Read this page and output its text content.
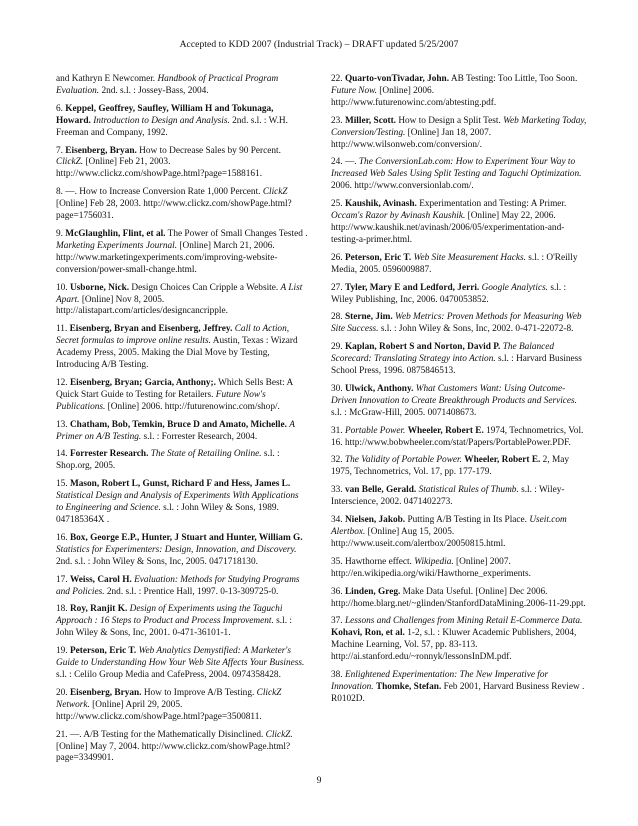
Accepted to KDD 2007 (Industrial Track) – DRAFT updated 5/25/2007

and Kathryn E Newcomer. Handbook of Practical Program Evaluation. 2nd. s.l. : Jossey-Bass, 2004.

6. Keppel, Geoffrey, Saufley, William H and Tokunaga, Howard. Introduction to Design and Analysis. 2nd. s.l. : W.H. Freeman and Company, 1992.

7. Eisenberg, Bryan. How to Decrease Sales by 90 Percent. ClickZ. [Online] Feb 21, 2003. http://www.clickz.com/showPage.html?page=1588161.

8. —. How to Increase Conversion Rate 1,000 Percent. ClickZ [Online] Feb 28, 2003. http://www.clickz.com/showPage.html?page=1756031.

9. McGlaughlin, Flint, et al. The Power of Small Changes Tested . Marketing Experiments Journal. [Online] March 21, 2006. http://www.marketingexperiments.com/improving-website-conversion/power-small-change.html.

10. Usborne, Nick. Design Choices Can Cripple a Website. A List Apart. [Online] Nov 8, 2005. http://alistapart.com/articles/designcancripple.

11. Eisenberg, Bryan and Eisenberg, Jeffrey. Call to Action, Secret formulas to improve online results. Austin, Texas : Wizard Academy Press, 2005. Making the Dial Move by Testing, Introducing A/B Testing.

12. Eisenberg, Bryan; Garcia, Anthony;. Which Sells Best: A Quick Start Guide to Testing for Retailers. Future Now's Publications. [Online] 2006. http://futurenowinc.com/shop/.

13. Chatham, Bob, Temkin, Bruce D and Amato, Michelle. A Primer on A/B Testing. s.l. : Forrester Research, 2004.

14. Forrester Research. The State of Retailing Online. s.l. : Shop.org, 2005.

15. Mason, Robert L, Gunst, Richard F and Hess, James L. Statistical Design and Analysis of Experiments With Applications to Engineering and Science. s.l. : John Wiley & Sons, 1989. 047185364X .

16. Box, George E.P., Hunter, J Stuart and Hunter, William G. Statistics for Experimenters: Design, Innovation, and Discovery. 2nd. s.l. : John Wiley & Sons, Inc, 2005. 0471718130.

17. Weiss, Carol H. Evaluation: Methods for Studying Programs and Policies. 2nd. s.l. : Prentice Hall, 1997. 0-13-309725-0.

18. Roy, Ranjit K. Design of Experiments using the Taguchi Approach : 16 Steps to Product and Process Improvement. s.l. : John Wiley & Sons, Inc, 2001. 0-471-36101-1.

19. Peterson, Eric T. Web Analytics Demystified: A Marketer's Guide to Understanding How Your Web Site Affects Your Business. s.l. : Celilo Group Media and CafePress, 2004. 0974358428.

20. Eisenberg, Bryan. How to Improve A/B Testing. ClickZ Network. [Online] April 29, 2005. http://www.clickz.com/showPage.html?page=3500811.

21. —. A/B Testing for the Mathematically Disinclined. ClickZ. [Online] May 7, 2004. http://www.clickz.com/showPage.html?page=3349901.

22. Quarto-vonTivadar, John. AB Testing: Too Little, Too Soon. Future Now. [Online] 2006. http://www.futurenowinc.com/abtesting.pdf.

23. Miller, Scott. How to Design a Split Test. Web Marketing Today, Conversion/Testing. [Online] Jan 18, 2007. http://www.wilsonweb.com/conversion/.

24. —. The ConversionLab.com: How to Experiment Your Way to Increased Web Sales Using Split Testing and Taguchi Optimization. 2006. http://www.conversionlab.com/.

25. Kaushik, Avinash. Experimentation and Testing: A Primer. Occam's Razor by Avinash Kaushik. [Online] May 22, 2006. http://www.kaushik.net/avinash/2006/05/experimentation-and-testing-a-primer.html.

26. Peterson, Eric T. Web Site Measurement Hacks. s.l. : O'Reilly Media, 2005. 0596009887.

27. Tyler, Mary E and Ledford, Jerri. Google Analytics. s.l. : Wiley Publishing, Inc, 2006. 0470053852.

28. Sterne, Jim. Web Metrics: Proven Methods for Measuring Web Site Success. s.l. : John Wiley & Sons, Inc, 2002. 0-471-22072-8.

29. Kaplan, Robert S and Norton, David P. The Balanced Scorecard: Translating Strategy into Action. s.l. : Harvard Business School Press, 1996. 0875846513.

30. Ulwick, Anthony. What Customers Want: Using Outcome-Driven Innovation to Create Breakthrough Products and Services. s.l. : McGraw-Hill, 2005. 0071408673.

31. Portable Power. Wheeler, Robert E. 1974, Technometrics, Vol. 16. http://www.bobwheeler.com/stat/Papers/PortablePower.PDF.

32. The Validity of Portable Power. Wheeler, Robert E. 2, May 1975, Technometrics, Vol. 17, pp. 177-179.

33. van Belle, Gerald. Statistical Rules of Thumb. s.l. : Wiley-Interscience, 2002. 0471402273.

34. Nielsen, Jakob. Putting A/B Testing in Its Place. Useit.com Alertbox. [Online] Aug 15, 2005. http://www.useit.com/alertbox/20050815.html.

35. Hawthorne effect. Wikipedia. [Online] 2007. http://en.wikipedia.org/wiki/Hawthorne_experiments.

36. Linden, Greg. Make Data Useful. [Online] Dec 2006. http://home.blarg.net/~glinden/StanfordDataMining.2006-11-29.ppt.

37. Lessons and Challenges from Mining Retail E-Commerce Data. Kohavi, Ron, et al. 1-2, s.l. : Kluwer Academic Publishers, 2004, Machine Learning, Vol. 57, pp. 83-113. http://ai.stanford.edu/~ronnyk/lessonsInDM.pdf.

38. Enlightened Experimentation: The New Imperative for Innovation. Thomke, Stefan. Feb 2001, Harvard Business Review . R0102D.

9
